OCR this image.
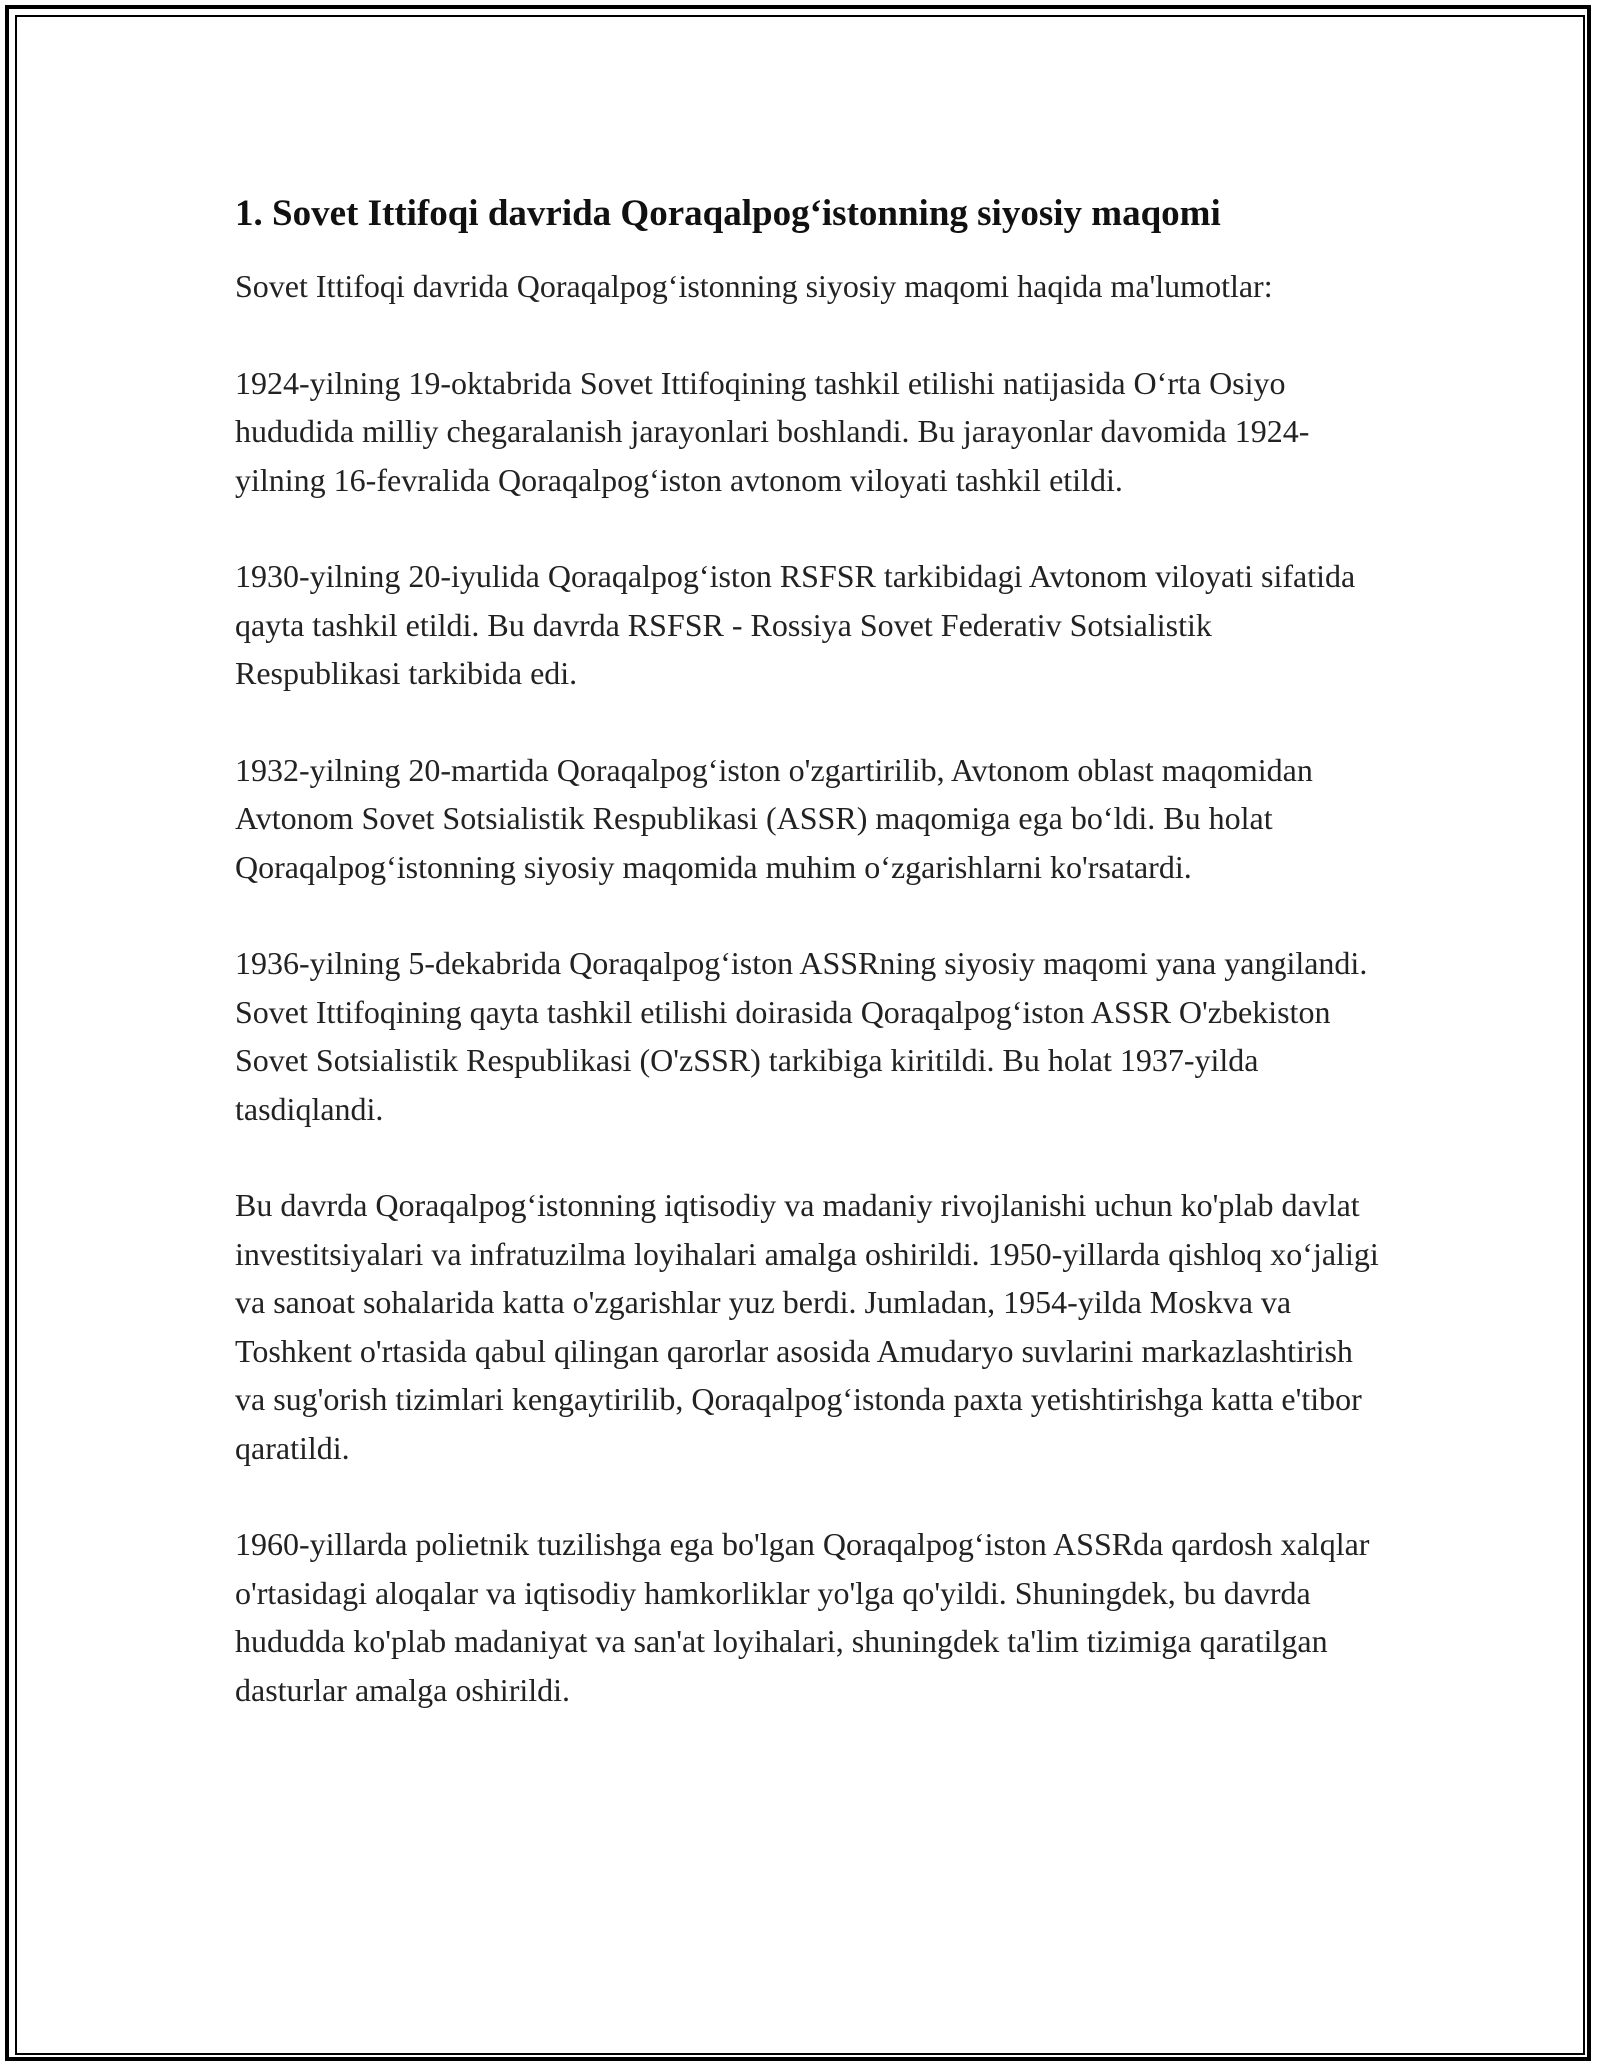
1. Sovet Ittifoqi davrida Qoraqalpog‘istonning siyosiy maqomi

Sovet Ittifoqi davrida Qoraqalpog‘istonning siyosiy maqomi haqida ma'lumotlar:

1924-yilning 19-oktabrida Sovet Ittifoqining tashkil etilishi natijasida O‘rta Osiyo hududida milliy chegaralanish jarayonlari boshlandi. Bu jarayonlar davomida 1924-yilning 16-fevralida Qoraqalpog‘iston avtonom viloyati tashkil etildi.

1930-yilning 20-iyulida Qoraqalpog‘iston RSFSR tarkibidagi Avtonom viloyati sifatida qayta tashkil etildi. Bu davrda RSFSR - Rossiya Sovet Federativ Sotsialistik Respublikasi tarkibida edi.

1932-yilning 20-martida Qoraqalpog‘iston o'zgartirilib, Avtonom oblast maqomidan Avtonom Sovet Sotsialistik Respublikasi (ASSR) maqomiga ega bo‘ldi. Bu holat Qoraqalpog‘istonning siyosiy maqomida muhim o‘zgarishlarni ko'rsatardi.

1936-yilning 5-dekabrida Qoraqalpog‘iston ASSRning siyosiy maqomi yana yangilandi. Sovet Ittifoqining qayta tashkil etilishi doirasida Qoraqalpog‘iston ASSR O'zbekiston Sovet Sotsialistik Respublikasi (O'zSSR) tarkibiga kiritildi. Bu holat 1937-yilda tasdiqlandi.

Bu davrda Qoraqalpog‘istonning iqtisodiy va madaniy rivojlanishi uchun ko'plab davlat investitsiyalari va infratuzilma loyihalari amalga oshirildi. 1950-yillarda qishloq xo‘jaligi va sanoat sohalarida katta o'zgarishlar yuz berdi. Jumladan, 1954-yilda Moskva va Toshkent o'rtasida qabul qilingan qarorlar asosida Amudaryo suvlarini markazlashtirish va sug'orish tizimlari kengaytirilib, Qoraqalpog‘istonda paxta yetishtirishga katta e'tibor qaratildi.

1960-yillarda polietnik tuzilishga ega bo'lgan Qoraqalpog‘iston ASSRda qardosh xalqlar o'rtasidagi aloqalar va iqtisodiy hamkorliklar yo'lga qo'yildi. Shuningdek, bu davrda hududda ko'plab madaniyat va san'at loyihalari, shuningdek ta'lim tizimiga qaratilgan dasturlar amalga oshirildi.
